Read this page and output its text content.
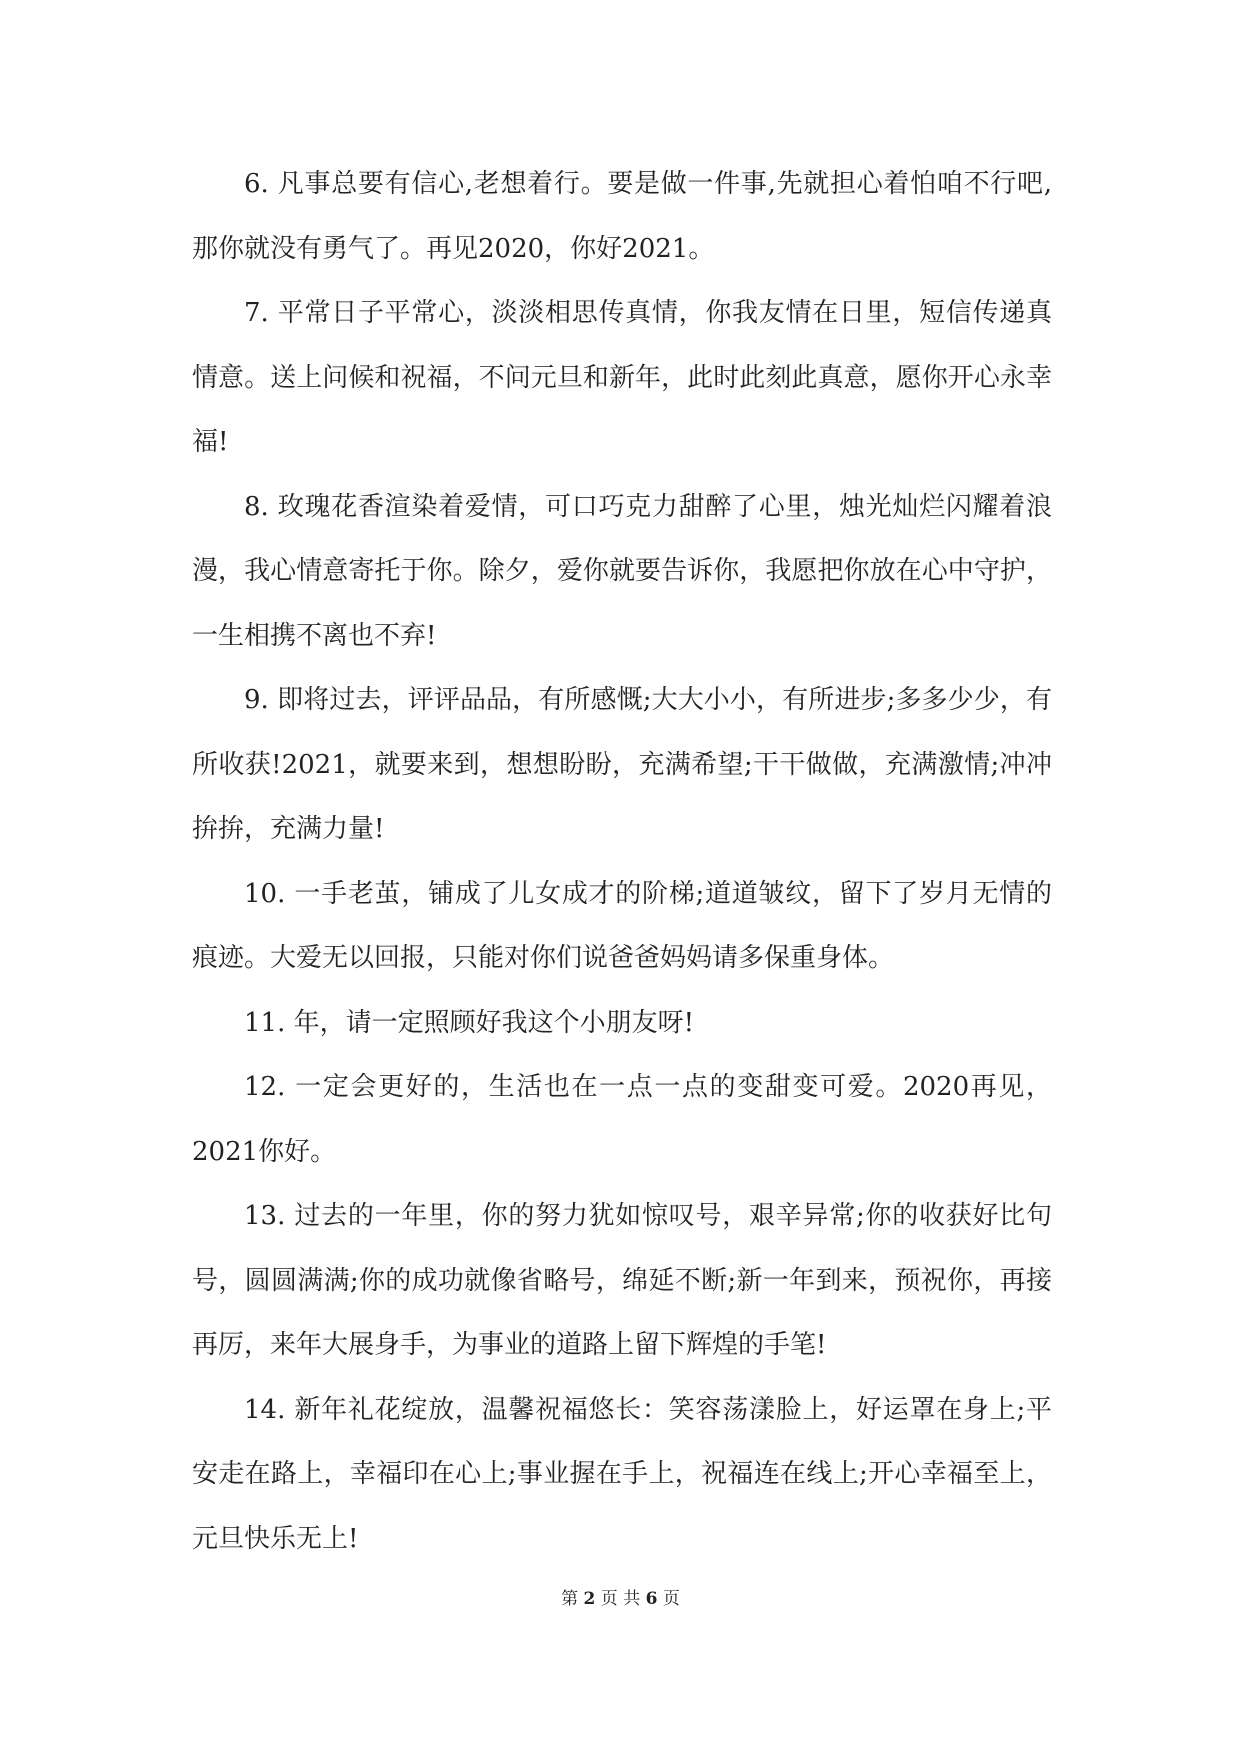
6. 凡事总要有信心,老想着行。要是做一件事,先就担心着怕咱不行吧,那你就没有勇气了。再见2020，你好2021。

7. 平常日子平常心，淡淡相思传真情，你我友情在日里，短信传递真情意。送上问候和祝福，不问元旦和新年，此时此刻此真意，愿你开心永幸福!

8. 玫瑰花香渲染着爱情，可口巧克力甜醉了心里，烛光灿烂闪耀着浪漫，我心情意寄托于你。除夕，爱你就要告诉你，我愿把你放在心中守护，一生相携不离也不弃!

9. 即将过去，评评品品，有所感慨;大大小小，有所进步;多多少少，有所收获!2021，就要来到，想想盼盼，充满希望;干干做做，充满激情;冲冲拚拚，充满力量!

10. 一手老茧，铺成了儿女成才的阶梯;道道皱纹，留下了岁月无情的痕迹。大爱无以回报，只能对你们说爸爸妈妈请多保重身体。

11. 年，请一定照顾好我这个小朋友呀!

12. 一定会更好的，生活也在一点一点的变甜变可爱。2020再见，2021你好。

13. 过去的一年里，你的努力犹如惊叹号，艰辛异常;你的收获好比句号，圆圆满满;你的成功就像省略号，绵延不断;新一年到来，预祝你，再接再厉，来年大展身手，为事业的道路上留下辉煌的手笔!

14. 新年礼花绽放，温馨祝福悠长：笑容荡漾脸上，好运罩在身上;平安走在路上，幸福印在心上;事业握在手上，祝福连在线上;开心幸福至上，元旦快乐无上!

第 2 页 共 6 页
